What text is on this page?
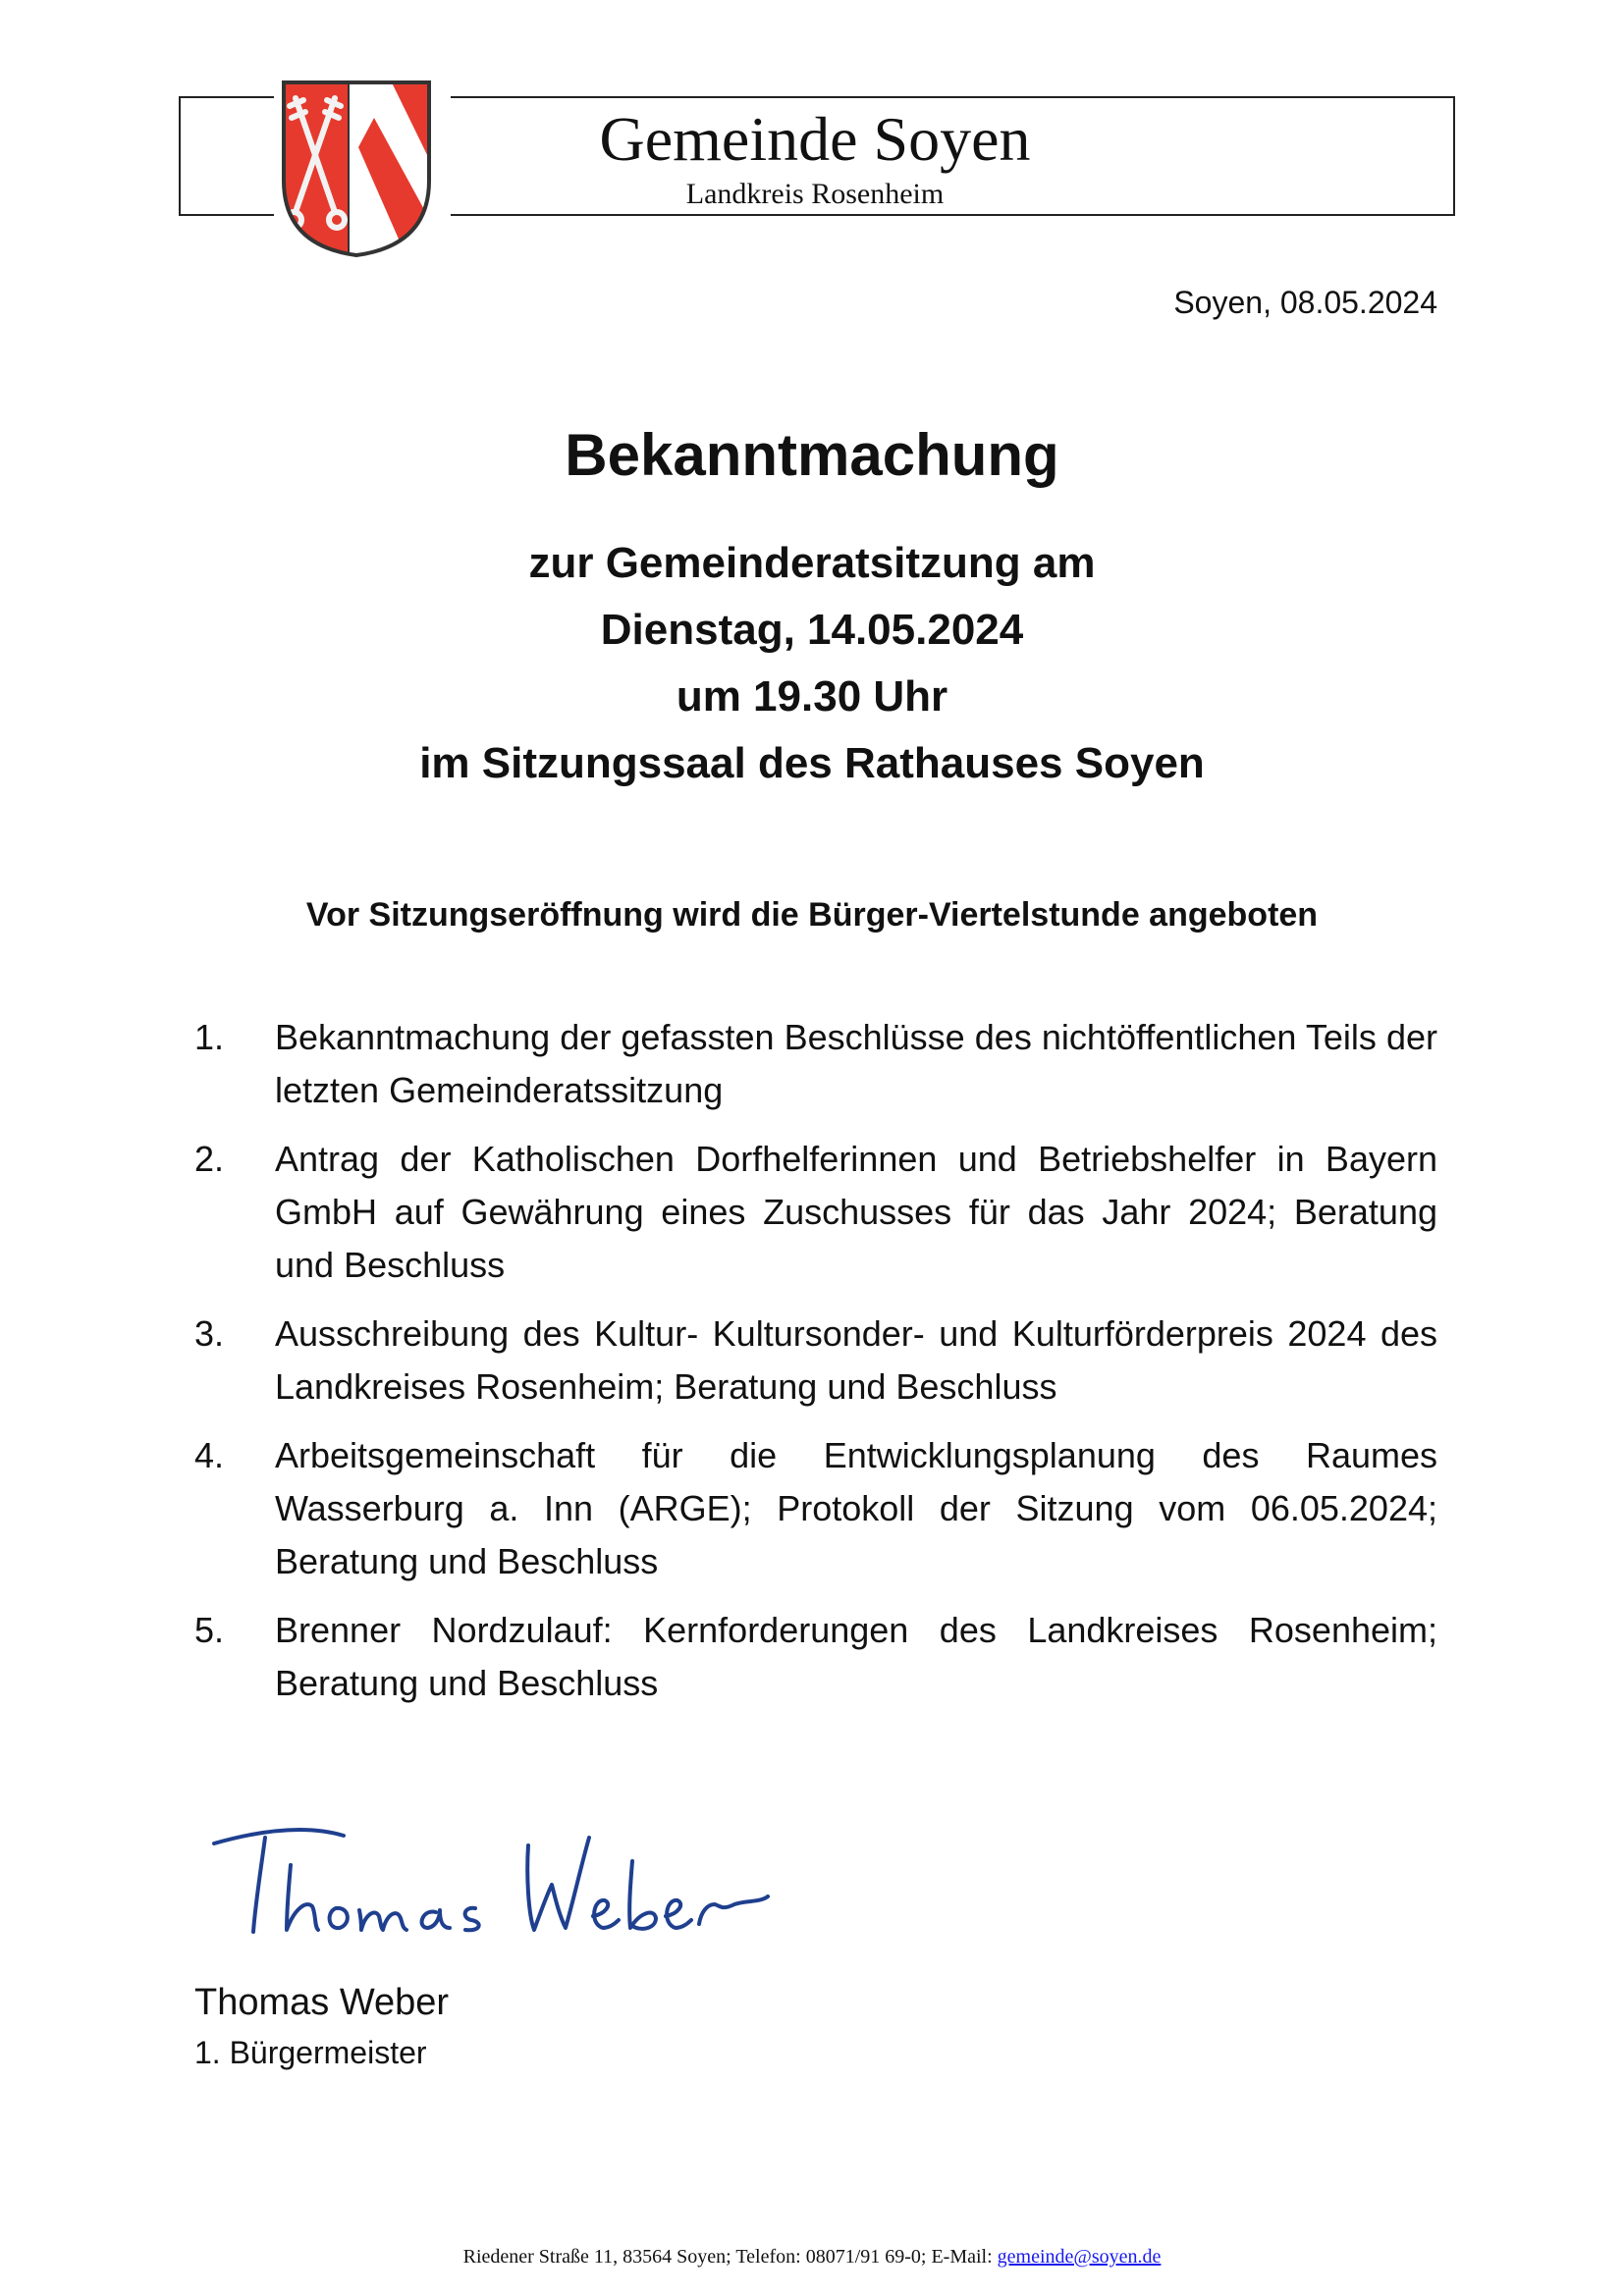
Gemeinde Soyen
Landkreis Rosenheim
Soyen, 08.05.2024
Bekanntmachung
zur Gemeinderatsitzung am
Dienstag, 14.05.2024
um 19.30 Uhr
im Sitzungssaal des Rathauses Soyen
Vor Sitzungseröffnung wird die Bürger-Viertelstunde angeboten
1. Bekanntmachung der gefassten Beschlüsse des nichtöffentlichen Teils der letzten Gemeinderatssitzung
2. Antrag der Katholischen Dorfhelferinnen und Betriebshelfer in Bayern GmbH auf Gewährung eines Zuschusses für das Jahr 2024; Beratung und Beschluss
3. Ausschreibung des Kultur- Kultursonder- und Kulturförderpreis 2024 des Landkreises Rosenheim; Beratung und Beschluss
4. Arbeitsgemeinschaft für die Entwicklungsplanung des Raumes Wasserburg a. Inn (ARGE); Protokoll der Sitzung vom 06.05.2024; Beratung und Beschluss
5. Brenner Nordzulauf: Kernforderungen des Landkreises Rosenheim; Beratung und Beschluss
Thomas Weber
1. Bürgermeister
Riedener Straße 11, 83564 Soyen; Telefon: 08071/91 69-0; E-Mail: gemeinde@soyen.de
